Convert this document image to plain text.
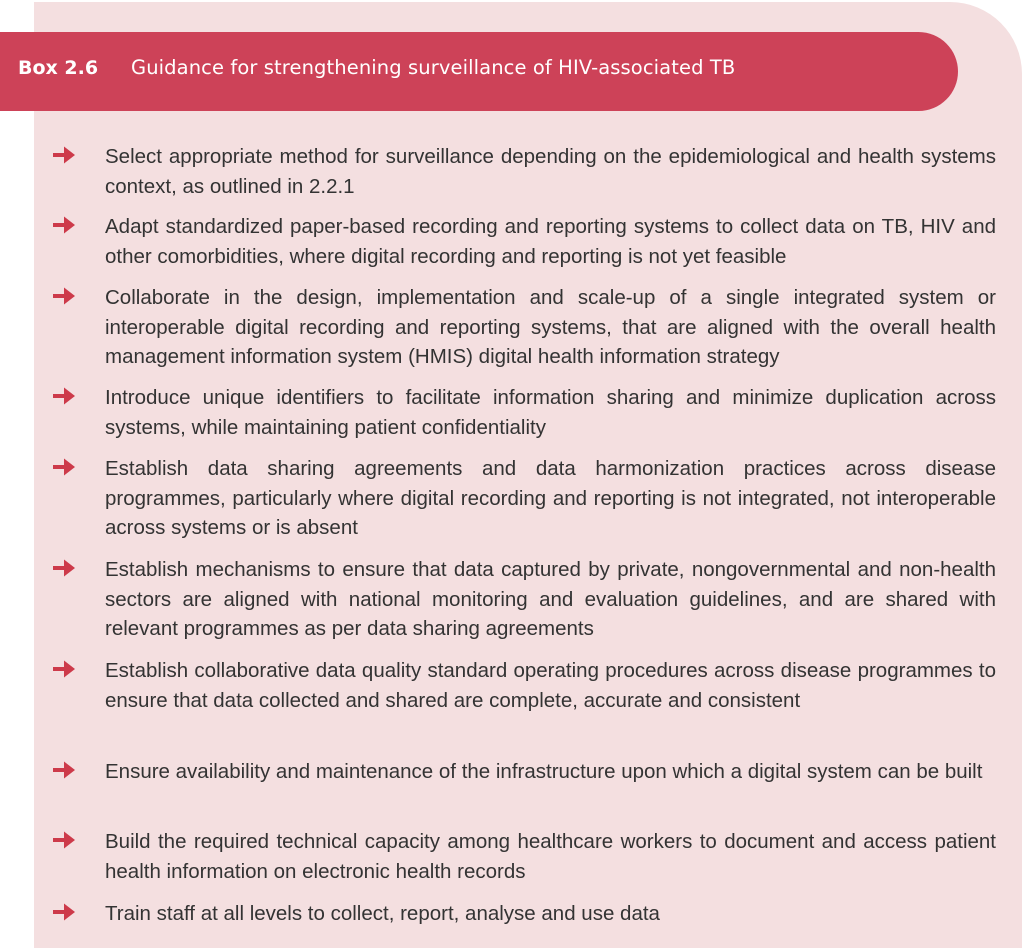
Box 2.6 Guidance for strengthening surveillance of HIV-associated TB

Select appropriate method for surveillance depending on the epidemiological and health systems context, as outlined in 2.2.1

Adapt standardized paper-based recording and reporting systems to collect data on TB, HIV and other comorbidities, where digital recording and reporting is not yet feasible

Collaborate in the design, implementation and scale-up of a single integrated system or interoperable digital recording and reporting systems, that are aligned with the overall health management information system (HMIS) digital health information strategy

Introduce unique identifiers to facilitate information sharing and minimize duplication across systems, while maintaining patient confidentiality

Establish data sharing agreements and data harmonization practices across disease programmes, particularly where digital recording and reporting is not integrated, not interoperable across systems or is absent

Establish mechanisms to ensure that data captured by private, nongovernmental and non-health sectors are aligned with national monitoring and evaluation guidelines, and are shared with relevant programmes as per data sharing agreements

Establish collaborative data quality standard operating procedures across disease programmes to ensure that data collected and shared are complete, accurate and consistent

Ensure availability and maintenance of the infrastructure upon which a digital system can be built

Build the required technical capacity among healthcare workers to document and access patient health information on electronic health records

Train staff at all levels to collect, report, analyse and use data
